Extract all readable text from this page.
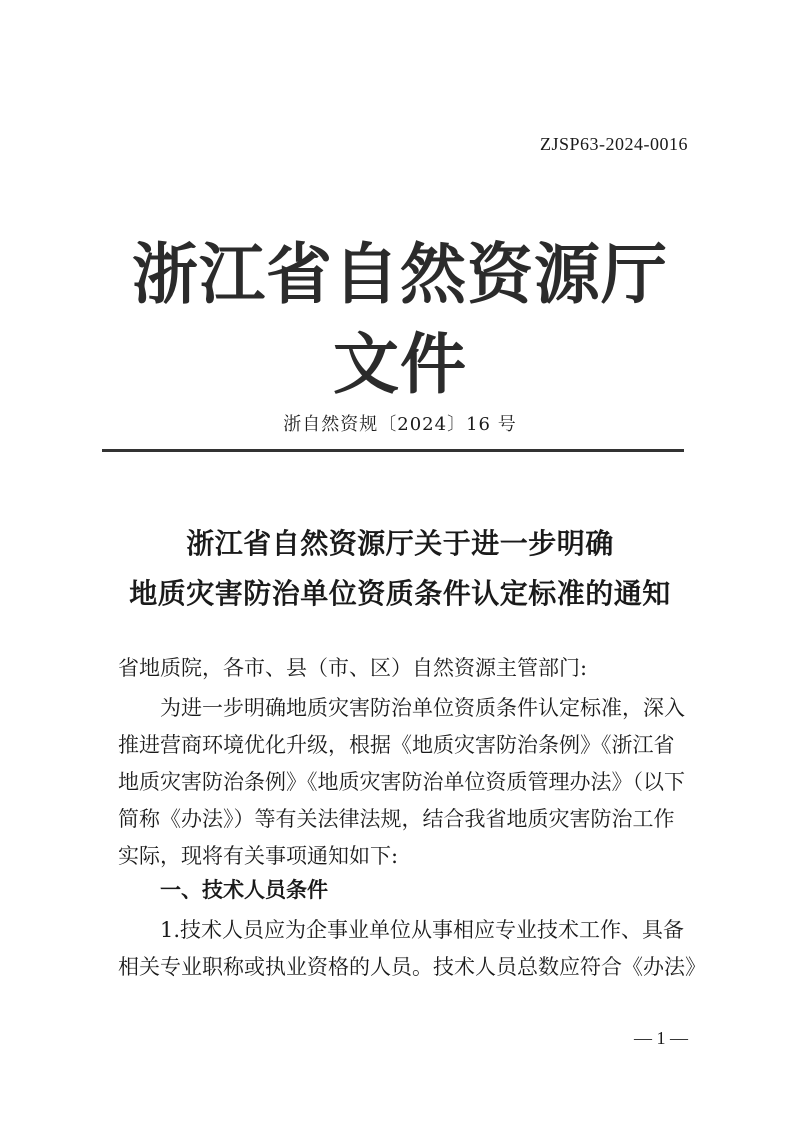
ZJSP63-2024-0016
浙江省自然资源厅文件
浙自然资规〔2024〕16 号
浙江省自然资源厅关于进一步明确
地质灾害防治单位资质条件认定标准的通知
省地质院，各市、县（市、区）自然资源主管部门:
为进一步明确地质灾害防治单位资质条件认定标准，深入
推进营商环境优化升级，根据《地质灾害防治条例》《浙江省
地质灾害防治条例》《地质灾害防治单位资质管理办法》（以下
简称《办法》）等有关法律法规，结合我省地质灾害防治工作
实际，现将有关事项通知如下:
一、技术人员条件
1.技术人员应为企事业单位从事相应专业技术工作、具备
相关专业职称或执业资格的人员。技术人员总数应符合《办法》
— 1 —
